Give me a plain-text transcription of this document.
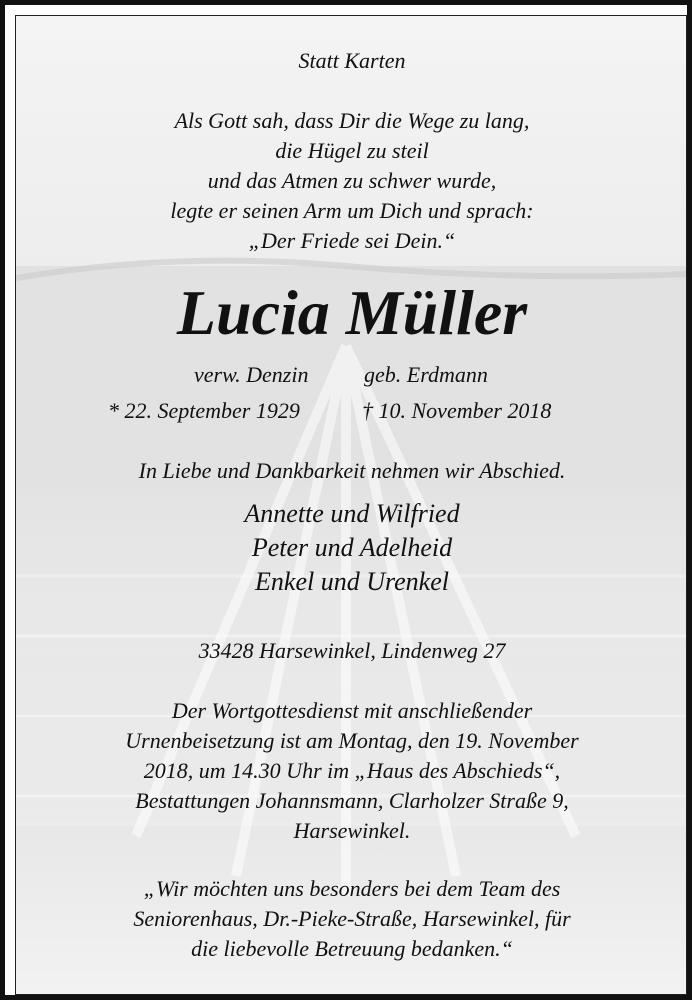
Statt Karten
Als Gott sah, dass Dir die Wege zu lang,
die Hügel zu steil
und das Atmen zu schwer wurde,
legte er seinen Arm um Dich und sprach:
„Der Friede sei Dein.“
Lucia Müller
verw. Denzin	geb. Erdmann
* 22. September 1929	† 10. November 2018
In Liebe und Dankbarkeit nehmen wir Abschied.
Annette und Wilfried
Peter und Adelheid
Enkel und Urenkel
33428 Harsewinkel, Lindenweg 27
Der Wortgottesdienst mit anschließender
Urnenbeisetzung ist am Montag, den 19. November
2018, um 14.30 Uhr im „Haus des Abschieds“,
Bestattungen Johannsmann, Clarholzer Straße 9,
Harsewinkel.
„Wir möchten uns besonders bei dem Team des
Seniorenhaus, Dr.-Pieke-Straße, Harsewinkel, für
die liebevolle Betreuung bedanken.“
